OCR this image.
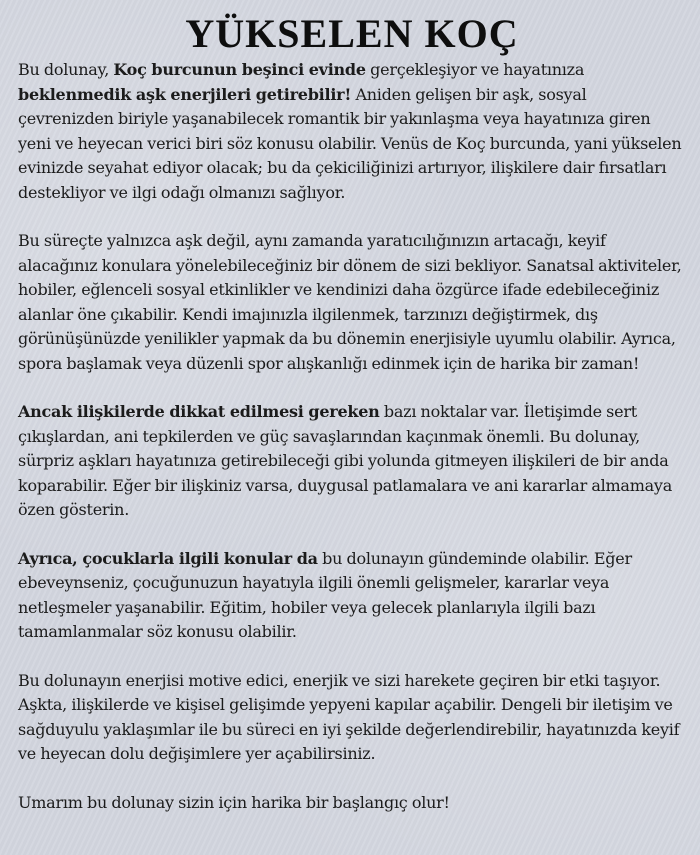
YÜKSELEN KOÇ

Bu dolunay, Koç burcunun beşinci evinde gerçekleşiyor ve hayatınıza beklenmedik aşk enerjileri getirebilir! Aniden gelişen bir aşk, sosyal çevrenizden biriyle yaşanabilecek romantik bir yakınlaşma veya hayatınıza giren yeni ve heyecan verici biri söz konusu olabilir. Venüs de Koç burcunda, yani yükselen evinizde seyahat ediyor olacak; bu da çekiciliğinizi artırıyor, ilişkilere dair fırsatları destekliyor ve ilgi odağı olmanızı sağlıyor.

Bu süreçte yalnızca aşk değil, aynı zamanda yaratıcılığınızın artacağı, keyif alacağınız konulara yönelebileceğiniz bir dönem de sizi bekliyor. Sanatsal aktiviteler, hobiler, eğlenceli sosyal etkinlikler ve kendinizi daha özgürce ifade edebileceğiniz alanlar öne çıkabilir. Kendi imajınızla ilgilenmek, tarzınızı değiştirmek, dış görünüşünüzde yenilikler yapmak da bu dönemin enerjisiyle uyumlu olabilir. Ayrıca, spora başlamak veya düzenli spor alışkanlığı edinmek için de harika bir zaman!

Ancak ilişkilerde dikkat edilmesi gereken bazı noktalar var. İletişimde sert çıkışlardan, ani tepkilerden ve güç savaşlarından kaçınmak önemli. Bu dolunay, sürpriz aşkları hayatınıza getirebileceği gibi yolunda gitmeyen ilişkileri de bir anda koparabilir. Eğer bir ilişkiniz varsa, duygusal patlamalara ve ani kararlar almamaya özen gösterin.

Ayrıca, çocuklarla ilgili konular da bu dolunayın gündeminde olabilir. Eğer ebeveynseniz, çocuğunuzun hayatıyla ilgili önemli gelişmeler, kararlar veya netleşmeler yaşanabilir. Eğitim, hobiler veya gelecek planlarıyla ilgili bazı tamamlanmalar söz konusu olabilir.

Bu dolunayın enerjisi motive edici, enerjik ve sizi harekete geçiren bir etki taşıyor. Aşkta, ilişkilerde ve kişisel gelişimde yepyeni kapılar açabilir. Dengeli bir iletişim ve sağduyulu yaklaşımlar ile bu süreci en iyi şekilde değerlendirebilir, hayatınızda keyif ve heyecan dolu değişimlere yer açabilirsiniz.

Umarım bu dolunay sizin için harika bir başlangıç olur!
